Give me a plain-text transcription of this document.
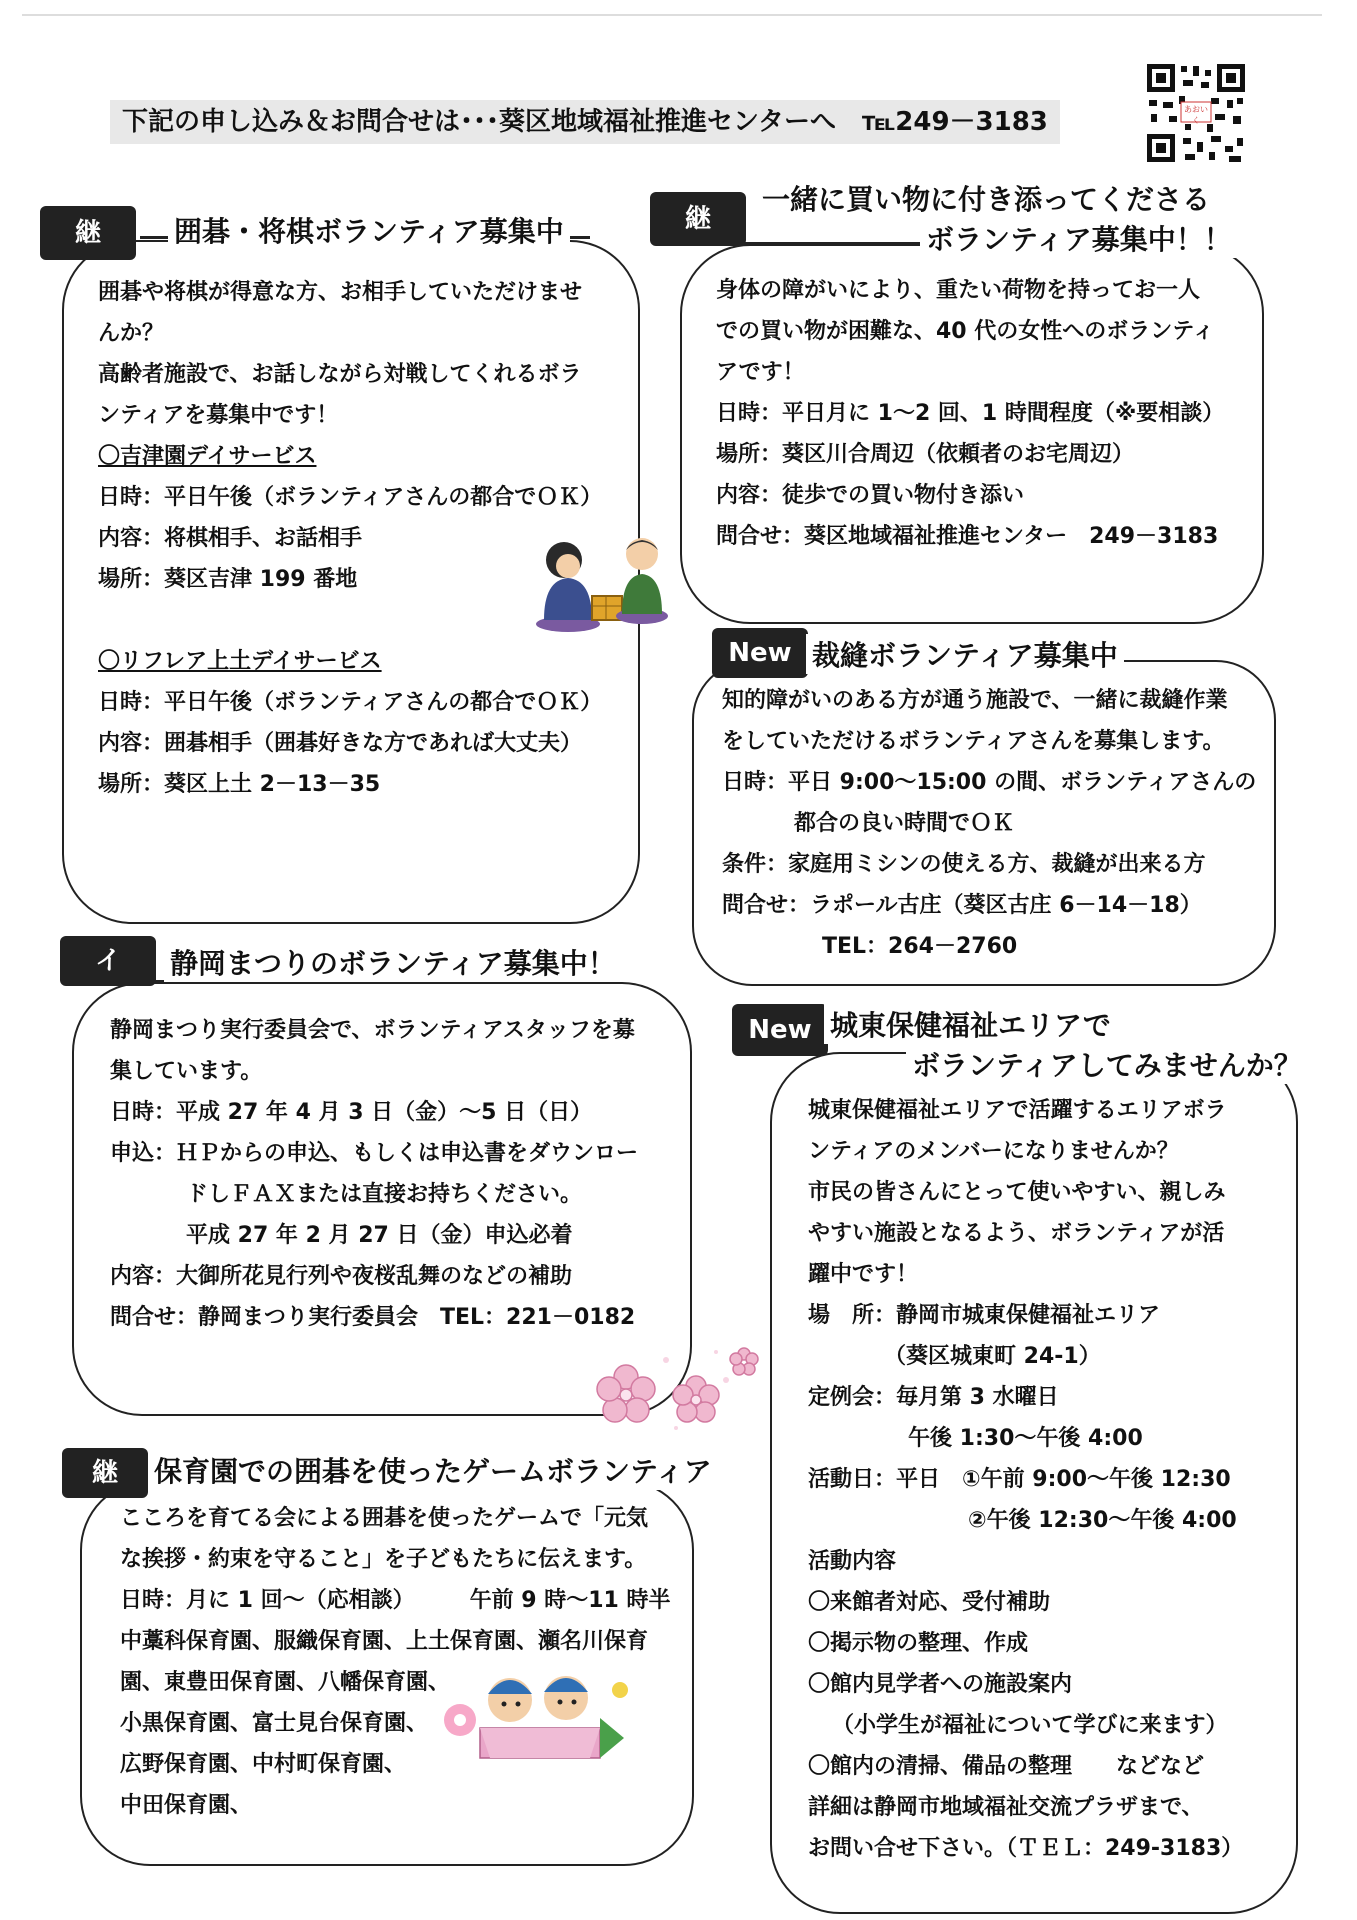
下記の申し込み＆お問合せは･･･葵区地域福祉推進センターへ　℡249－3183	あおいく
継	囲碁・将棋ボランティア募集中

囲碁や将棋が得意な方、お相手していただけませ

んか？

高齢者施設で、お話しながら対戦してくれるボラ

ンティアを募集中です！

〇吉津園デイサービス

日時：平日午後（ボランティアさんの都合でＯＫ）

内容：将棋相手、お話相手

場所：葵区吉津 199 番地

〇リフレア上土デイサービス

日時：平日午後（ボランティアさんの都合でＯＫ）

内容：囲碁相手（囲碁好きな方であれば大丈夫）

場所：葵区上土 2－13－35

継
一緒に買い物に付き添ってくださる
ボランティア募集中！！

身体の障がいにより、重たい荷物を持ってお一人

での買い物が困難な、40 代の女性へのボランティ

アです！

日時：平日月に 1～2 回、1 時間程度（※要相談）

場所：葵区川合周辺（依頼者のお宅周辺）

内容：徒歩での買い物付き添い

問合せ：葵区地域福祉推進センター　249－3183

New 裁縫ボランティア募集中

知的障がいのある方が通う施設で、一緒に裁縫作業

をしていただけるボランティアさんを募集します。

日時：平日 9:00～15:00 の間、ボランティアさんの

都合の良い時間でＯＫ

条件：家庭用ミシンの使える方、裁縫が出来る方

問合せ：ラポール古庄（葵区古庄 6－14－18）

TEL：264－2760

イ	静岡まつりのボランティア募集中！

静岡まつり実行委員会で、ボランティアスタッフを募

集しています。

日時：平成 27 年 4 月 3 日（金）～5 日（日）

申込：ＨＰからの申込、もしくは申込書をダウンロー

ドしＦＡＸまたは直接お持ちください。

平成 27 年 2 月 27 日（金）申込必着

内容：大御所花見行列や夜桜乱舞のなどの補助

問合せ：静岡まつり実行委員会　TEL：221－0182

New 城東保健福祉エリアで
ボランティアしてみませんか？

城東保健福祉エリアで活躍するエリアボラ

ンティアのメンバーになりませんか？

市民の皆さんにとって使いやすい、親しみ

やすい施設となるよう、ボランティアが活

躍中です！

場　所：静岡市城東保健福祉エリア

（葵区城東町 24-1）

定例会：毎月第 3 水曜日

午後 1:30～午後 4:00

活動日：平日　①午前 9:00～午後 12:30

②午後 12:30～午後 4:00

活動内容

〇来館者対応、受付補助

〇掲示物の整理、作成

〇館内見学者への施設案内

（小学生が福祉について学びに来ます）

〇館内の清掃、備品の整理　　などなど

詳細は静岡市地域福祉交流プラザまで、

お問い合せ下さい。（ＴＥＬ：249-3183）

継	保育園での囲碁を使ったゲームボランティア

こころを育てる会による囲碁を使ったゲームで「元気

な挨拶・約束を守ること」を子どもたちに伝えます。

日時：月に 1 回～（応相談）　　　午前 9 時～11 時半

中藁科保育園、服織保育園、上土保育園、瀬名川保育

園、東豊田保育園、八幡保育園、

小黒保育園、富士見台保育園、

広野保育園、中村町保育園、

中田保育園、
